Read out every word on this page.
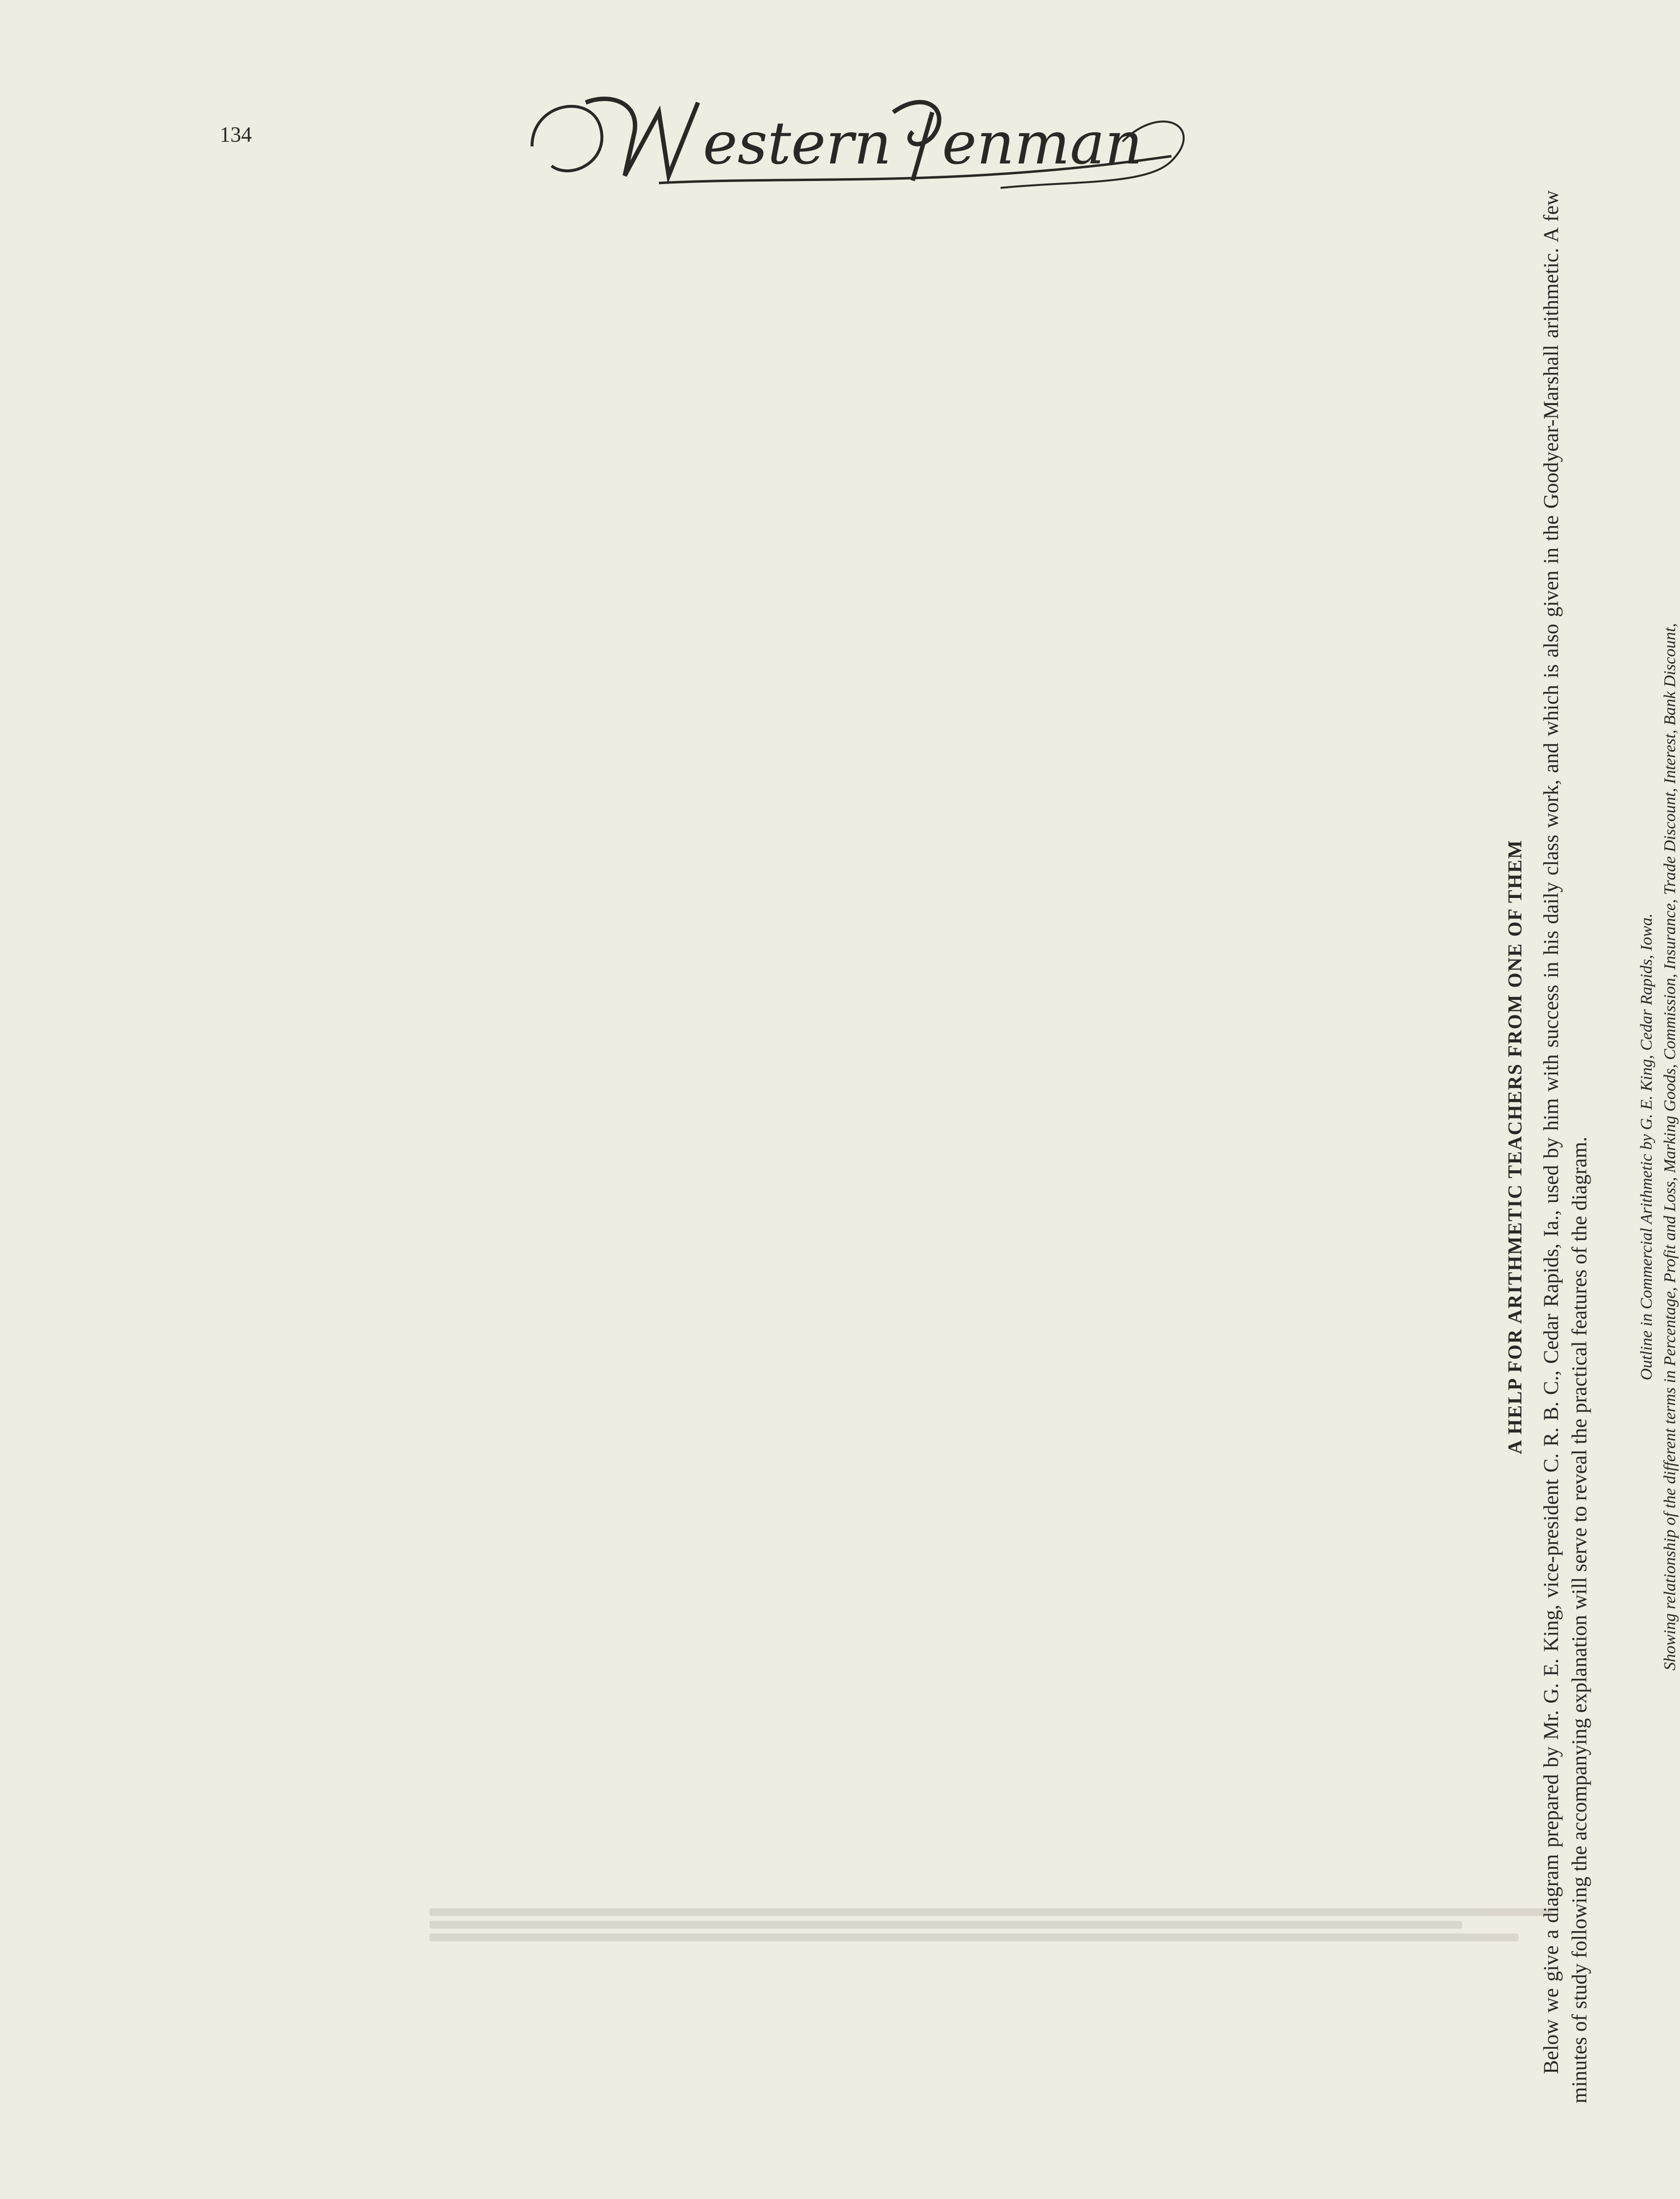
134	estern enman
A HELP FOR ARITHMETIC TEACHERS FROM ONE OF THEM Below we give a diagram prepared by Mr. G. E. King, vice-president C. R. B. C., Cedar Rapids, Ia., used by him with success in his daily class work, and which is also given in the Goodyear-Marshall arithmetic. A few minutes of study following the accompanying explanation will serve to reveal the practical features of the diagram.	Outline in Commercial Arithmetic by G. E. King, Cedar Rapids, Iowa. Showing relationship of the different terms in Percentage, Profit and Loss, Marking Goods, Commission, Insurance, Trade Discount, Interest, Bank Discount,
